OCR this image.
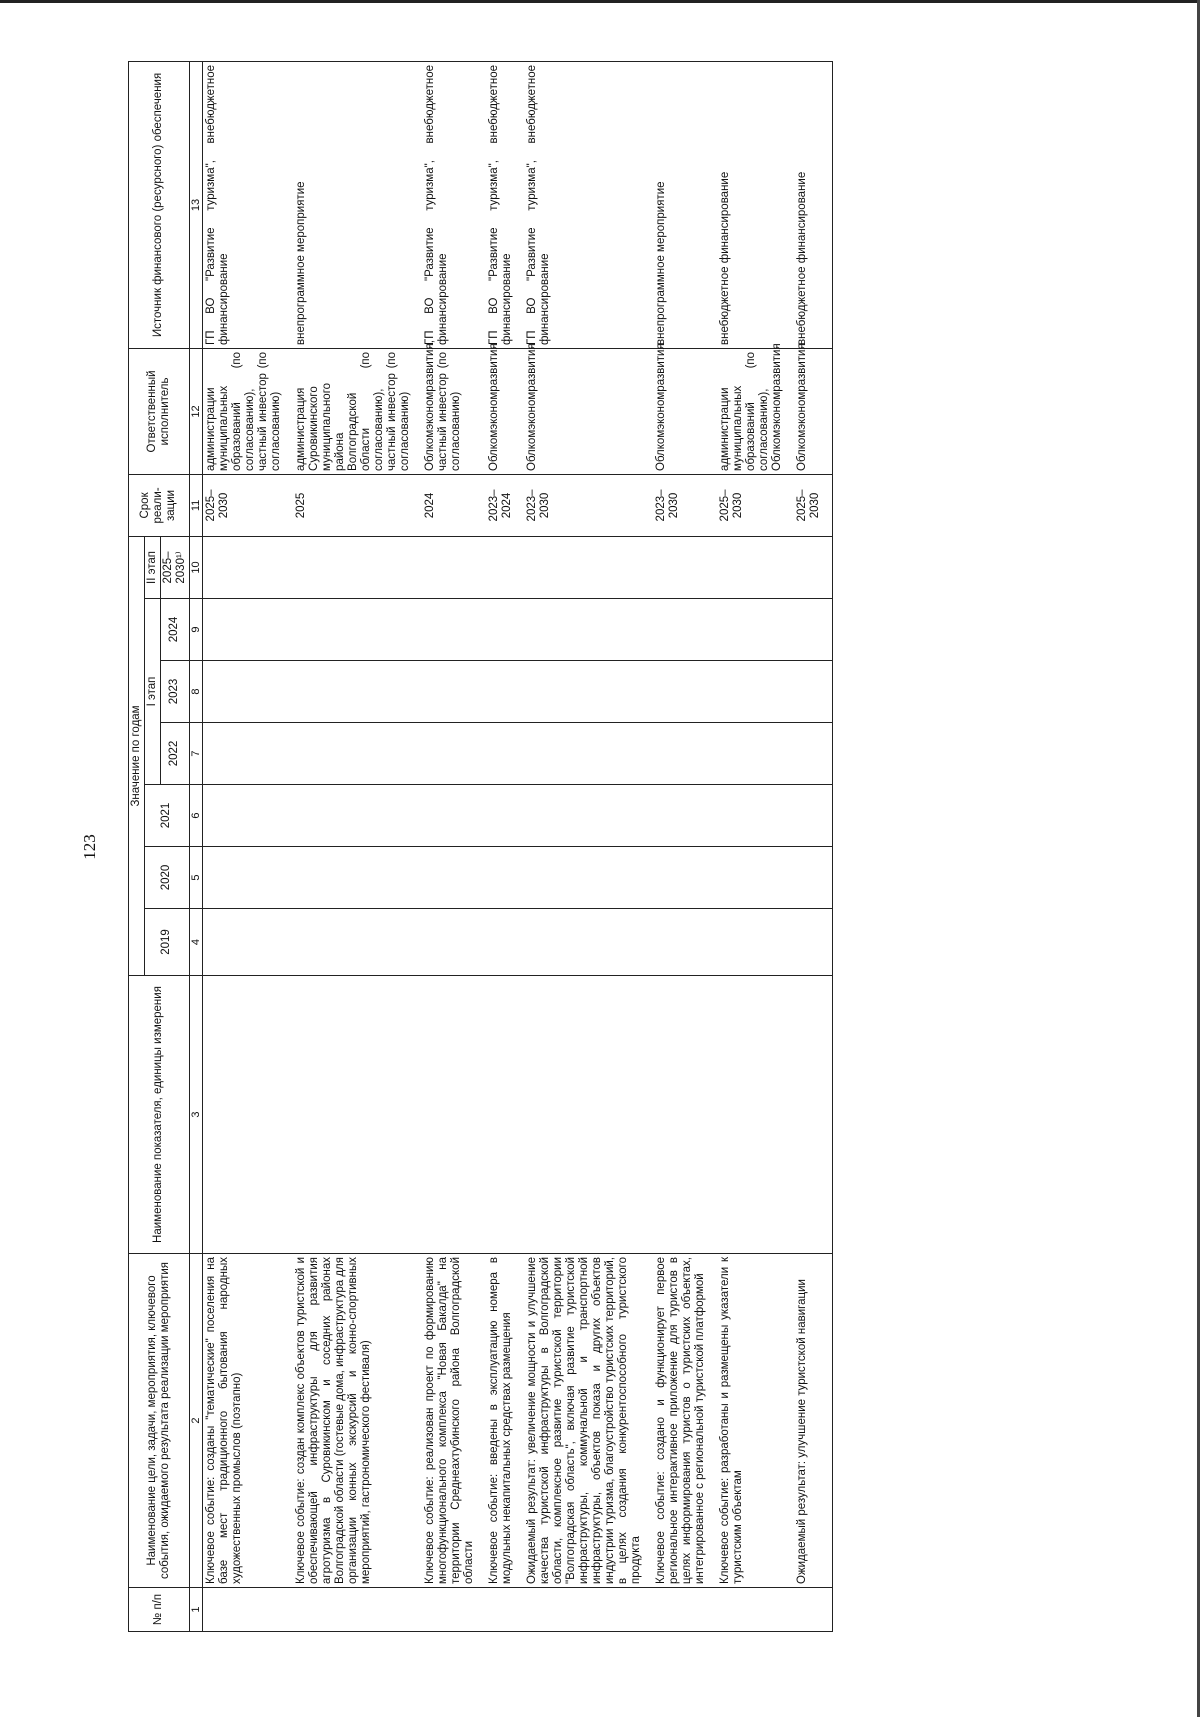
123
№ п/п	Наименование цели, задачи, мероприятия, ключевого события, ожидаемого результата реализации мероприятия	Наименование показателя, единицы измерения	Значение по годам							Срок реали-зации	Ответственный исполнитель	Источник финансового (ресурсного) обеспечения
			2019	2020	2021	I этап			II этап			
						2022	2023	2024	2025–2030¹⁾			
1	2	3	4	5	6	7	8	9	10	11	12	13
	Ключевое событие: созданы "тематические" поселения на базе мест традиционного бытования народных художественных промыслов (поэтапно)									2025–2030	администрации муниципальных образований (по согласованию), частный инвестор (по согласованию)	ГП ВО "Развитие туризма", внебюджетное финансирование
	Ключевое событие: создан комплекс объектов туристской и обеспечивающей инфраструктуры для развития агротуризма в Суровикинском и соседних районах Волгоградской области (гостевые дома, инфраструктура для организации конных экскурсий и конно-спортивных мероприятий, гастрономического фестиваля)									2025	администрация Суровикинского муниципального района Волгоградской области (по согласованию), частный инвестор (по согласованию)	внепрограммное мероприятие
	Ключевое событие: реализован проект по формированию многофункционального комплекса "Новая Бакалда" на территории Среднеахтубинского района Волгоградской области									2024	Облкомэкономразвития, частный инвестор (по согласованию)	ГП ВО "Развитие туризма", внебюджетное финансирование
	Ключевое событие: введены в эксплуатацию номера в модульных некапитальных средствах размещения									2023–2024	Облкомэкономразвития	ГП ВО "Развитие туризма", внебюджетное финансирование
	Ожидаемый результат: увеличение мощности и улучшение качества туристской инфраструктуры в Волгоградской области, комплексное развитие туристской территории "Волгоградская область", включая развитие туристской инфраструктуры, коммунальной и транспортной инфраструктуры, объектов показа и других объектов индустрии туризма, благоустройство туристских территорий, в целях создания конкурентоспособного туристского продукта									2023–2030	Облкомэкономразвития	ГП ВО "Развитие туризма", внебюджетное финансирование
	Ключевое событие: создано и функционирует первое региональное интерактивное приложение для туристов в целях информирования туристов о туристских объектах, интегрированное с региональной туристской платформой									2023–2030	Облкомэкономразвития	внепрограммное мероприятие
	Ключевое событие: разработаны и размещены указатели к туристским объектам									2025–2030	администрации муниципальных образований (по согласованию), Облкомэкономразвития	внебюджетное финансирование
	Ожидаемый результат: улучшение туристской навигации									2025–2030	Облкомэкономразвития	внебюджетное финансирование
